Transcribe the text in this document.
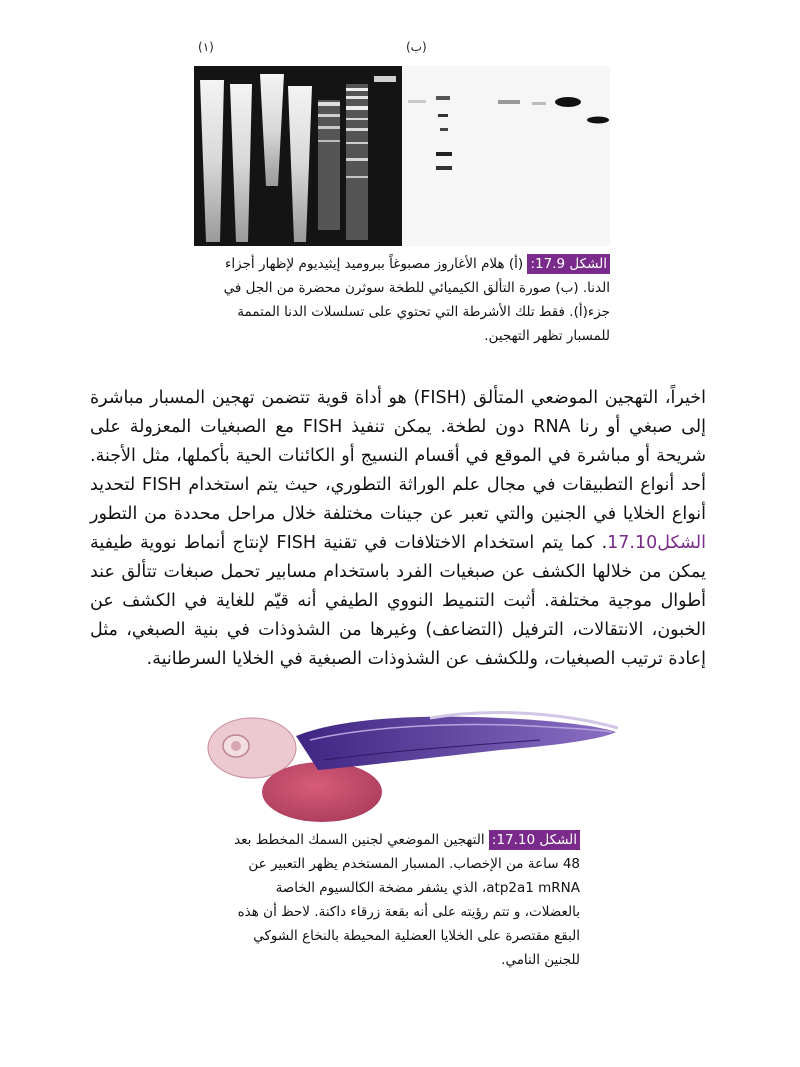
(١)	(ب)
الشكل 17.9: (أ) هلام الأغاروز مصبوغاً ببروميد إيثيديوم لإظهار أجزاء الدنا. (ب) صورة التألق الكيميائي للطخة سوثرن محضرة من الجل في جزء(أ). فقط تلك الأشرطة التي تحتوي على تسلسلات الدنا المتممة للمسبار تظهر التهجين.

اخيراً، التهجين الموضعي المتألق (FISH) هو أداة قوية تتضمن تهجين المسبار مباشرة إلى صبغي أو رنا RNA دون لطخة. يمكن تنفيذ FISH مع الصبغيات المعزولة على شريحة أو مباشرة في الموقع في أقسام النسيج أو الكائنات الحية بأكملها، مثل الأجنة. أحد أنواع التطبيقات في مجال علم الوراثة التطوري، حيث يتم استخدام FISH لتحديد أنواع الخلايا في الجنين والتي تعبر عن جينات مختلفة خلال مراحل محددة من التطور الشكل17.10. كما يتم استخدام الاختلافات في تقنية FISH لإنتاج أنماط نووية طيفية يمكن من خلالها الكشف عن صبغيات الفرد باستخدام مسابير تحمل صبغات تتألق عند أطوال موجية مختلفة. أثبت التنميط النووي الطيفي أنه قيّم للغاية في الكشف عن الخبون، الانتقالات، الترفيل (التضاعف) وغيرها من الشذوذات في بنية الصبغي، مثل إعادة ترتيب الصبغيات، وللكشف عن الشذوذات الصبغية في الخلايا السرطانية.

الشكل 17.10: التهجين الموضعي لجنين السمك المخطط بعد 48 ساعة من الإخصاب. المسبار المستخدم يظهر التعبير عن atp2a1 mRNA، الذي يشفر مضخة الكالسيوم الخاصة بالعضلات، و تتم رؤيته على أنه بقعة زرقاء داكنة. لاحظ أن هذه البقع مقتصرة على الخلايا العضلية المحيطة بالنخاع الشوكي للجنين النامي.
